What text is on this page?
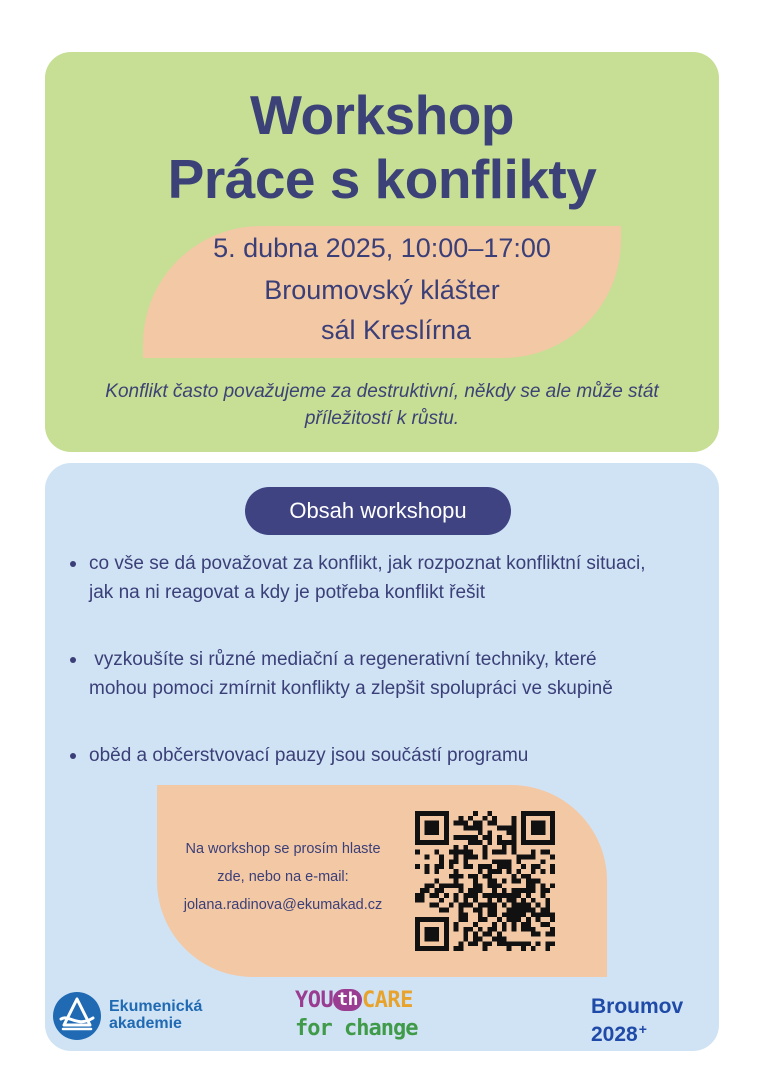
Workshop
Práce s konflikty
5. dubna 2025, 10:00–17:00
Broumovský klášter
sál Kreslírna
Konflikt často považujeme za destruktivní, někdy se ale může stát příležitostí k růstu.
Obsah workshopu
co vše se dá považovat za konflikt, jak rozpoznat konfliktní situaci,
jak na ni reagovat a kdy je potřeba konflikt řešit
vyzkoušíte si různé mediační a regenerativní techniky, které
mohou pomoci zmírnit konflikty a zlepšit spolupráci ve skupině
oběd a občerstvovací pauzy jsou součástí programu
Na workshop se prosím hlaste
zde, nebo na e-mail:
jolana.radinova@ekumakad.cz
Ekumenická
akademie
YOU th CARE
for change
Broumov
2028+
